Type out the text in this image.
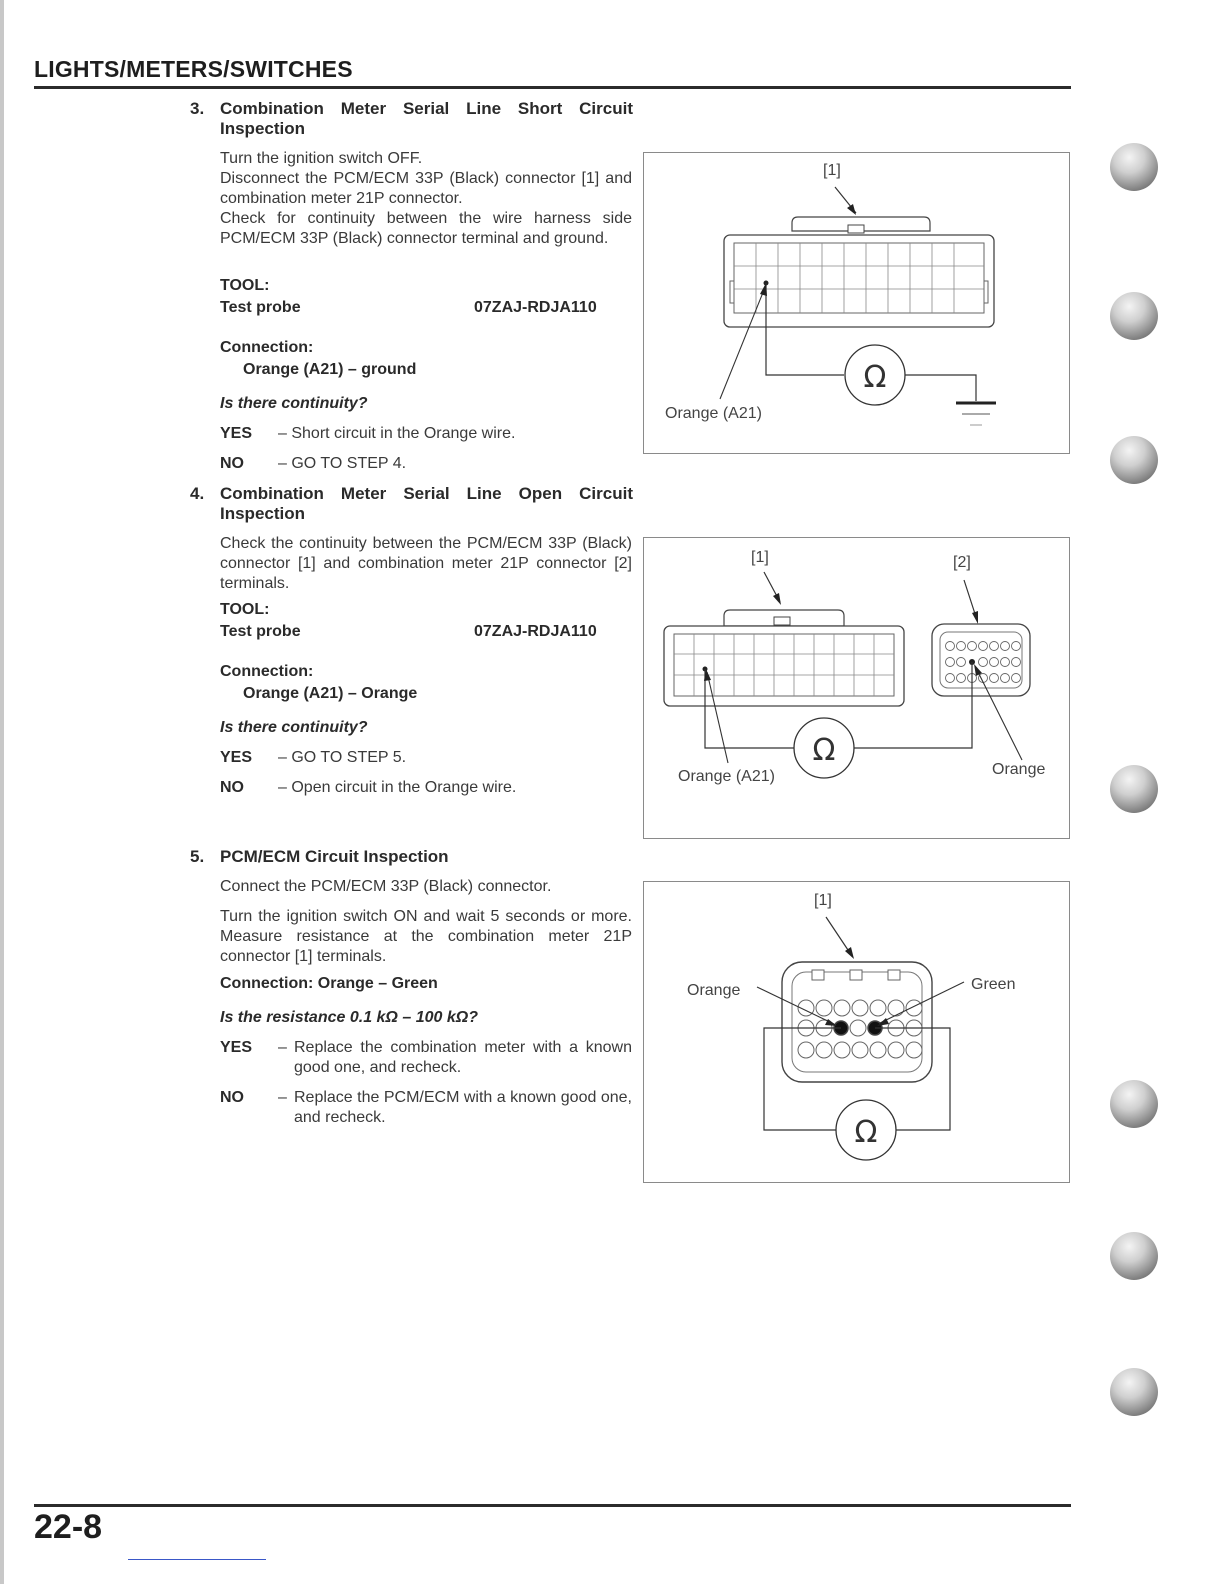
LIGHTS/METERS/SWITCHES
3. Combination Meter Serial Line Short Circuit Inspection
Turn the ignition switch OFF.
Disconnect the PCM/ECM 33P (Black) connector [1] and combination meter 21P connector.
Check for continuity between the wire harness side PCM/ECM 33P (Black) connector terminal and ground.
TOOL:
Test probe	07ZAJ-RDJA110
Connection:
Orange (A21) – ground
Is there continuity?
YES – Short circuit in the Orange wire.
NO – GO TO STEP 4.
[1]
Ω
Orange (A21)
4. Combination Meter Serial Line Open Circuit Inspection
Check the continuity between the PCM/ECM 33P (Black) connector [1] and combination meter 21P connector [2] terminals.
TOOL:
Test probe	07ZAJ-RDJA110
Connection:
Orange (A21) – Orange
Is there continuity?
YES – GO TO STEP 5.
NO – Open circuit in the Orange wire.
[1]	[2]
Ω
Orange (A21)	Orange
5. PCM/ECM Circuit Inspection
Connect the PCM/ECM 33P (Black) connector.
Turn the ignition switch ON and wait 5 seconds or more. Measure resistance at the combination meter 21P connector [1] terminals.
Connection: Orange – Green
Is the resistance 0.1 kΩ – 100 kΩ?
YES – Replace the combination meter with a known good one, and recheck.
NO – Replace the PCM/ECM with a known good one, and recheck.
[1]
Ω
Orange	Green
22-8
